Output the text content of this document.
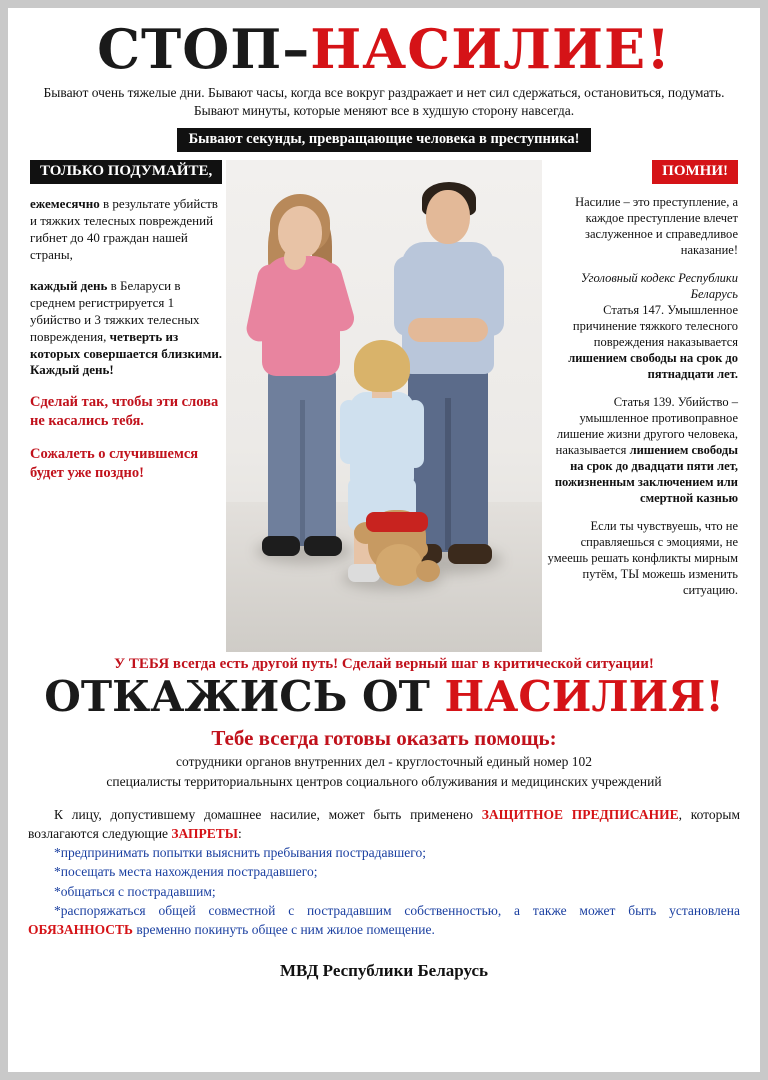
СТОП–НАСИЛИЕ!
Бывают очень тяжелые дни. Бывают часы, когда все вокруг раздражает и нет сил сдержаться, остановиться, подумать. Бывают минуты, которые меняют все в худшую сторону навсегда.
Бывают секунды, превращающие человека в преступника!
ТОЛЬКО ПОДУМАЙТЕ,

ежемесячно в результате убийств и тяжких телесных повреждений гибнет до 40 граждан нашей страны,

каждый день в Беларуси в среднем регистрируется 1 убийство и 3 тяжких телесных повреждения, четверть из которых совершается близкими. Каждый день!

Сделай так, чтобы эти слова не касались тебя.

Сожалеть о случившемся будет уже поздно!

ПОМНИ!

Насилие – это преступление, а каждое преступление влечет заслуженное и справедливое наказание!

Уголовный кодекс Республики Беларусь
Статья 147. Умышленное причинение тяжкого телесного повреждения наказывается лишением свободы на срок до пятнадцати лет.

Статья 139. Убийство – умышленное противоправное лишение жизни другого человека, наказывается лишением свободы на срок до двадцати пяти лет, пожизненным заключением или смертной казнью

Если ты чувствуешь, что не справляешься с эмоциями, не умеешь решать конфликты мирным путём, ТЫ можешь изменить ситуацию.

У ТЕБЯ всегда есть другой путь! Сделай верный шаг в критической ситуации!
ОТКАЖИСЬ ОТ НАСИЛИЯ!
Тебе всегда готовы оказать помощь:
сотрудники органов внутренних дел - круглосточный единый номер 102
специалисты территориальнынх центров социального облуживания и медицинских учреждений

К лицу, допустившему домашнее насилие, может быть применено ЗАЩИТНОЕ ПРЕДПИСАНИЕ, которым возлагаются следующие ЗАПРЕТЫ:

*предпринимать попытки выяснить пребывания пострадавшего;

*посещать места нахождения пострадавшего;

*общаться с пострадавшим;

*распоряжаться общей совместной с пострадавшим собственностью, а также может быть установлена ОБЯЗАННОСТЬ временно покинуть общее с ним жилое помещение.

МВД Республики Беларусь
